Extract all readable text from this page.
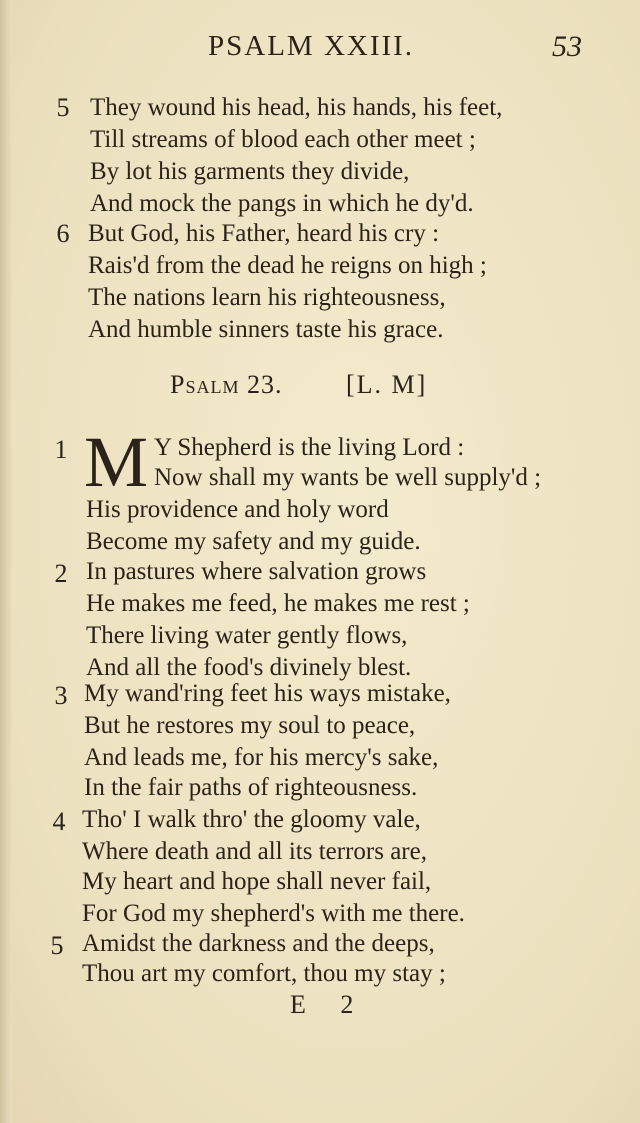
PSALM XXIII.	53
5 They wound his head, his hands, his feet,
Till streams of blood each other meet ;
By lot his garments they divide,
And mock the pangs in which he dy'd.
6 But God, his Father, heard his cry :
Rais'd from the dead he reigns on high ;
The nations learn his righteousness,
And humble sinners taste his grace.
Psalm 23. [L. M]
1 M Y Shepherd is the living Lord :
Now shall my wants be well supply'd ;
His providence and holy word
Become my safety and my guide.
2 In pastures where salvation grows
He makes me feed, he makes me rest ;
There living water gently flows,
And all the food's divinely blest.
3 My wand'ring feet his ways mistake,
But he restores my soul to peace,
And leads me, for his mercy's sake,
In the fair paths of righteousness.
4 Tho' I walk thro' the gloomy vale,
Where death and all its terrors are,
My heart and hope shall never fail,
For God my shepherd's with me there.
5 Amidst the darkness and the deeps,
Thou art my comfort, thou my stay ;
E 2
